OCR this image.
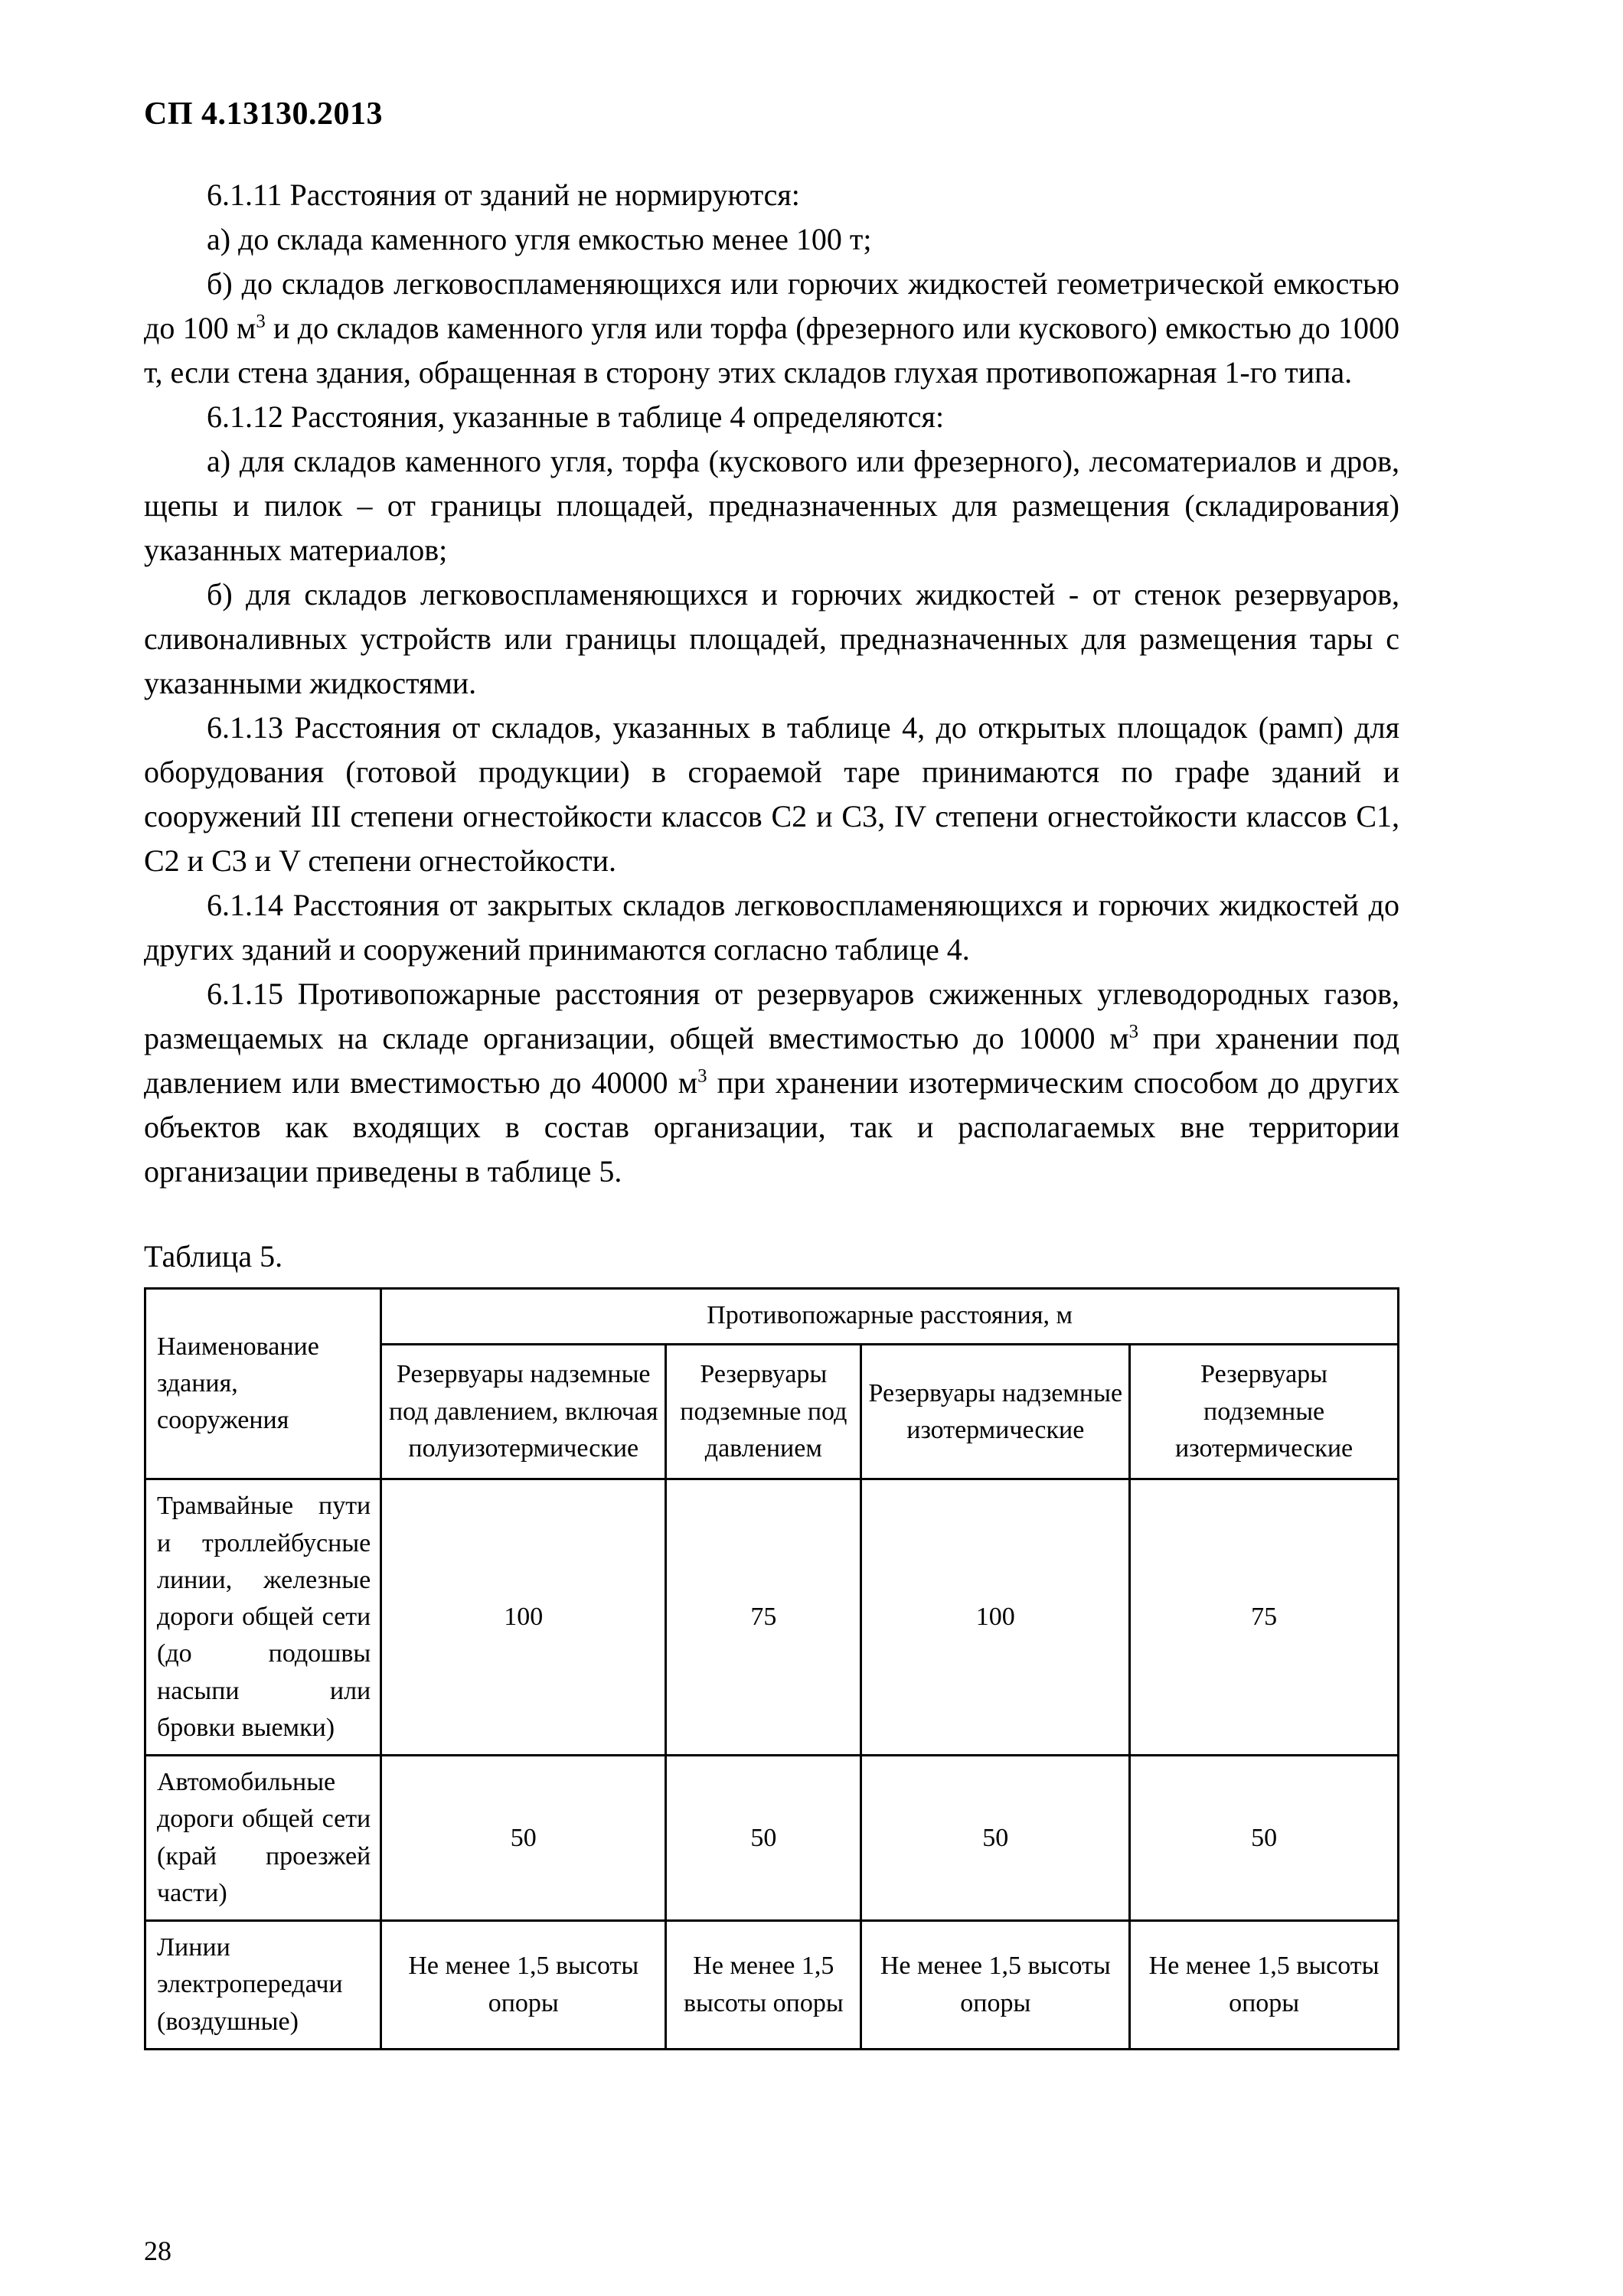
СП 4.13130.2013

6.1.11 Расстояния от зданий не нормируются:

а) до склада каменного угля емкостью менее 100 т;

б) до складов легковоспламеняющихся или горючих жидкостей геометрической емкостью до 100 $м^3$ и до складов каменного угля или торфа (фрезерного или кускового) емкостью до 1000 т, если стена здания, обращенная в сторону этих складов глухая противопожарная 1-го типа.

6.1.12 Расстояния, указанные в таблице 4 определяются:

а) для складов каменного угля, торфа (кускового или фрезерного), лесоматериалов и дров, щепы и пилок – от границы площадей, предназначенных для размещения (складирования) указанных материалов;

б) для складов легковоспламеняющихся и горючих жидкостей - от стенок резервуаров, сливоналивных устройств или границы площадей, предназначенных для размещения тары с указанными жидкостями.

6.1.13 Расстояния от складов, указанных в таблице 4, до открытых площадок (рамп) для оборудования (готовой продукции) в сгораемой таре принимаются по графе зданий и сооружений III степени огнестойкости классов С2 и С3, IV степени огнестойкости классов С1, С2 и С3 и V степени огнестойкости.

6.1.14 Расстояния от закрытых складов легковоспламеняющихся и горючих жидкостей до других зданий и сооружений принимаются согласно таблице 4.

6.1.15 Противопожарные расстояния от резервуаров сжиженных углеводородных газов, размещаемых на складе организации, общей вместимостью до 10000 $м^3$ при хранении под давлением или вместимостью до 40000 $м^3$ при хранении изотермическим способом до других объектов как входящих в состав организации, так и располагаемых вне территории организации приведены в таблице 5.

Таблица 5.
Наименование здания,
сооружения	Противопожарные расстояния, м			
	Резервуары надземные под давлением, включая полуизотермические	Резервуары подземные под давлением	Резервуары надземные изотермические	Резервуары подземные изотермические
Трамвайные пути и троллейбусные линии, железные дороги общей сети (до подошвы насыпи или бровки выемки)	100	75	100	75
Автомобильные дороги общей сети (край проезжей части)	50	50	50	50
Линии электропередачи (воздушные)	Не менее 1,5 высоты опоры	Не менее 1,5 высоты опоры	Не менее 1,5 высоты опоры	Не менее 1,5 высоты опоры
28
